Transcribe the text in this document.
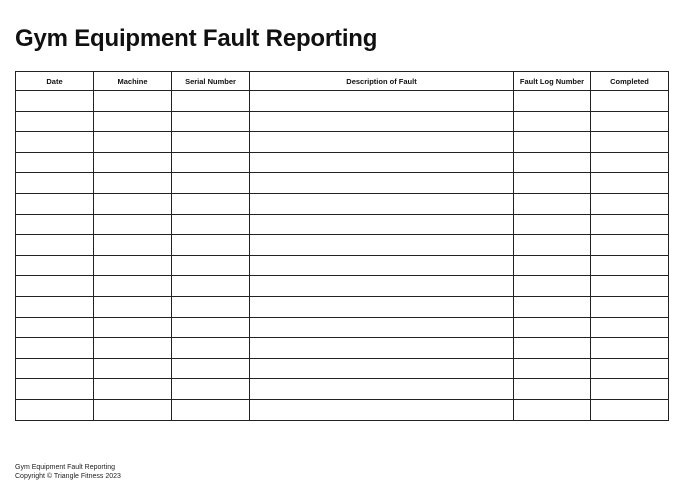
Gym Equipment Fault Reporting
Date	Machine	Serial Number	Description of Fault	Fault Log Number	Completed

Gym Equipment Fault Reporting
Copyright © Triangle Fitness 2023
